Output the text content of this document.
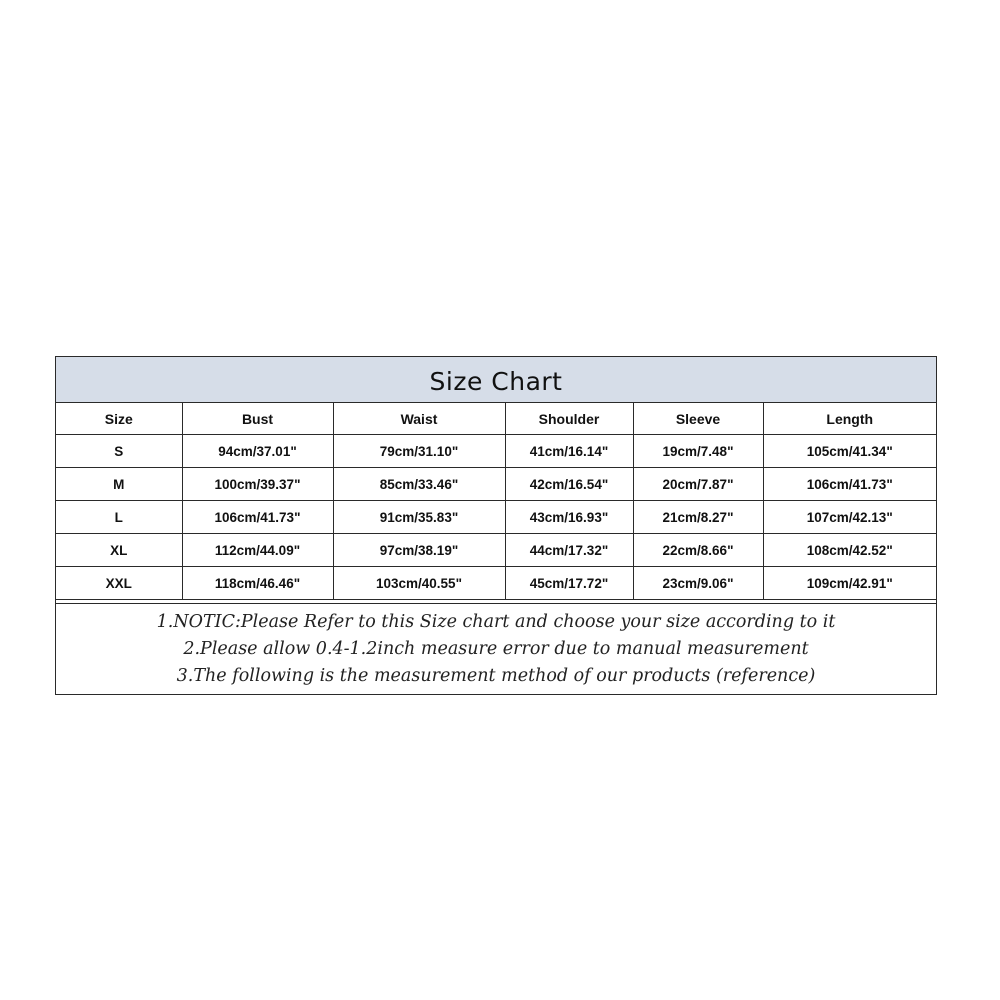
Size Chart
Size	Bust	Waist	Shoulder	Sleeve	Length
S	94cm/37.01"	79cm/31.10"	41cm/16.14"	19cm/7.48"	105cm/41.34"
M	100cm/39.37"	85cm/33.46"	42cm/16.54"	20cm/7.87"	106cm/41.73"
L	106cm/41.73"	91cm/35.83"	43cm/16.93"	21cm/8.27"	107cm/42.13"
XL	112cm/44.09"	97cm/38.19"	44cm/17.32"	22cm/8.66"	108cm/42.52"
XXL	118cm/46.46"	103cm/40.55"	45cm/17.72"	23cm/9.06"	109cm/42.91"
1.NOTIC:Please Refer to this Size chart and choose your size according to it
2.Please allow 0.4-1.2inch measure error due to manual measurement
3.The following is the measurement method of our products (reference)
